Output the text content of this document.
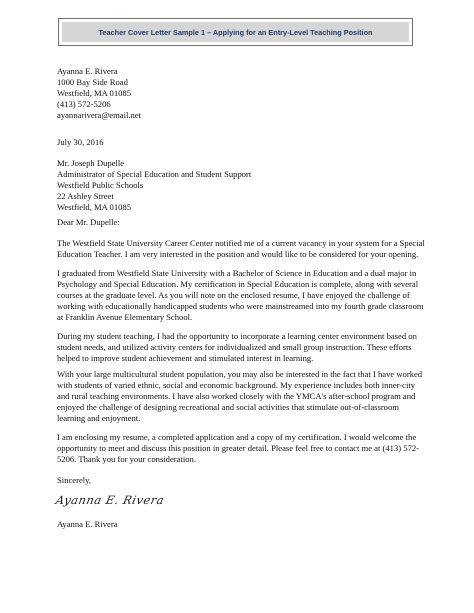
Teacher Cover Letter Sample 1 – Applying for an Entry-Level Teaching Position
Ayanna E. Rivera
1000 Bay Side Road
Westfield, MA 01085
(413) 572-5206
ayannarivera@email.net
July 30, 2016
Mr. Joseph Dupelle
Administrator of Special Education and Student Support
Westfield Public Schools
22 Ashley Street
Westfield, MA 01085
Dear Mr. Dupelle:
The Westfield State University Career Center notified me of a current vacancy in your system for a Special
Education Teacher. I am very interested in the position and would like to be considered for your opening.
I graduated from Westfield State University with a Bachelor of Science in Education and a dual major in
Psychology and Special Education. My certification in Special Education is complete, along with several
courses at the graduate level. As you will note on the enclosed resume, I have enjoyed the challenge of
working with educationally handicapped students who were mainstreamed into my fourth grade classroom
at Franklin Avenue Elementary School.
During my student teaching, I had the opportunity to incorporate a learning center environment based on
student needs, and utilized activity centers for individualized and small group instruction. These efforts
helped to improve student achievement and stimulated interest in learning.
With your large multicultural student population, you may also be interested in the fact that I have worked
with students of varied ethnic, social and economic background. My experience includes both inner-city
and rural teaching environments. I have also worked closely with the YMCA's after-school program and
enjoyed the challenge of designing recreational and social activities that stimulate out-of-classroom
learning and enjoyment.
I am enclosing my resume, a completed application and a copy of my certification. I would welcome the
opportunity to meet and discuss this position in greater detail. Please feel free to contact me at (413) 572-
5206. Thank you for your consideration.
Sincerely,
Ayanna E. Rivera
Ayanna E. Rivera
